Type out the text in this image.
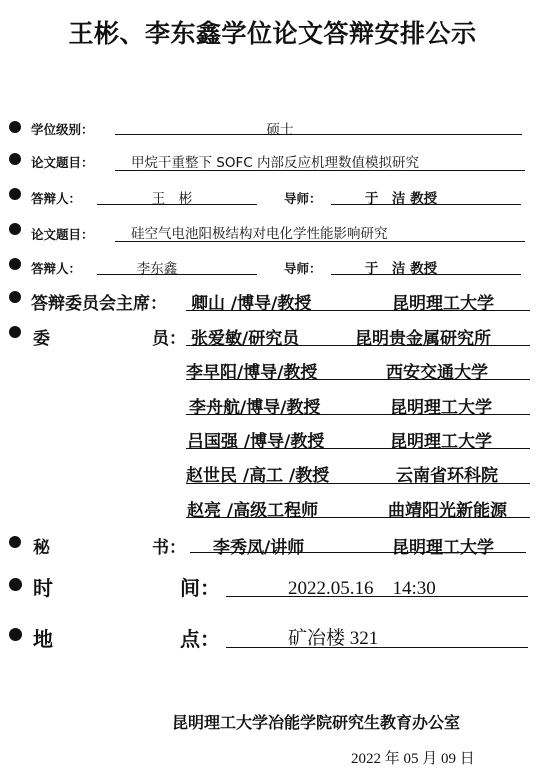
王彬、李东鑫学位论文答辩安排公示
学位级别：	硕士
论文题目：	甲烷干重整下 SOFC 内部反应机理数值模拟研究
答辩人：	王　彬	导师：	于　洁 教授
论文题目：	硅空气电池阳极结构对电化学性能影响研究
答辩人：	李东鑫	导师：	于　洁 教授
答辩委员会主席： 卿山 /博导/教授	昆明理工大学
委	员： 张爱敏/研究员	昆明贵金属研究所
李早阳/博导/教授	西安交通大学
李舟航/博导/教授	昆明理工大学
吕国强 /博导/教授	昆明理工大学
赵世民 /高工 /教授	云南省环科院
赵亮 /高级工程师	曲靖阳光新能源
秘	书： 李秀凤/讲师	昆明理工大学
时	间：	2022.05.16　14:30
地	点：	矿冶楼 321
昆明理工大学冶能学院研究生教育办公室
2022 年 05 月 09 日
